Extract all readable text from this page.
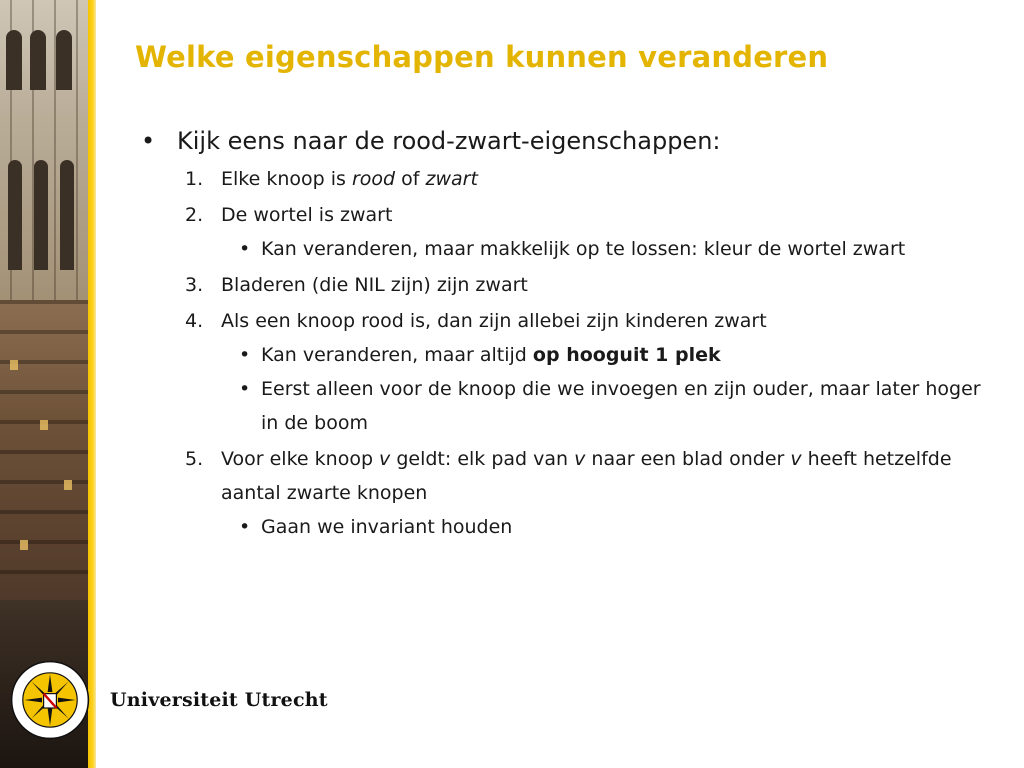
Welke eigenschappen kunnen veranderen
• Kijk eens naar de rood-zwart-eigenschappen:
1. Elke knoop is rood of zwart
2. De wortel is zwart
• Kan veranderen, maar makkelijk op te lossen: kleur de wortel zwart
3. Bladeren (die NIL zijn) zijn zwart
4. Als een knoop rood is, dan zijn allebei zijn kinderen zwart
• Kan veranderen, maar altijd op hooguit 1 plek
• Eerst alleen voor de knoop die we invoegen en zijn ouder, maar later hoger in de boom
5. Voor elke knoop v geldt: elk pad van v naar een blad onder v heeft hetzelfde aantal zwarte knopen
• Gaan we invariant houden
Universiteit Utrecht
